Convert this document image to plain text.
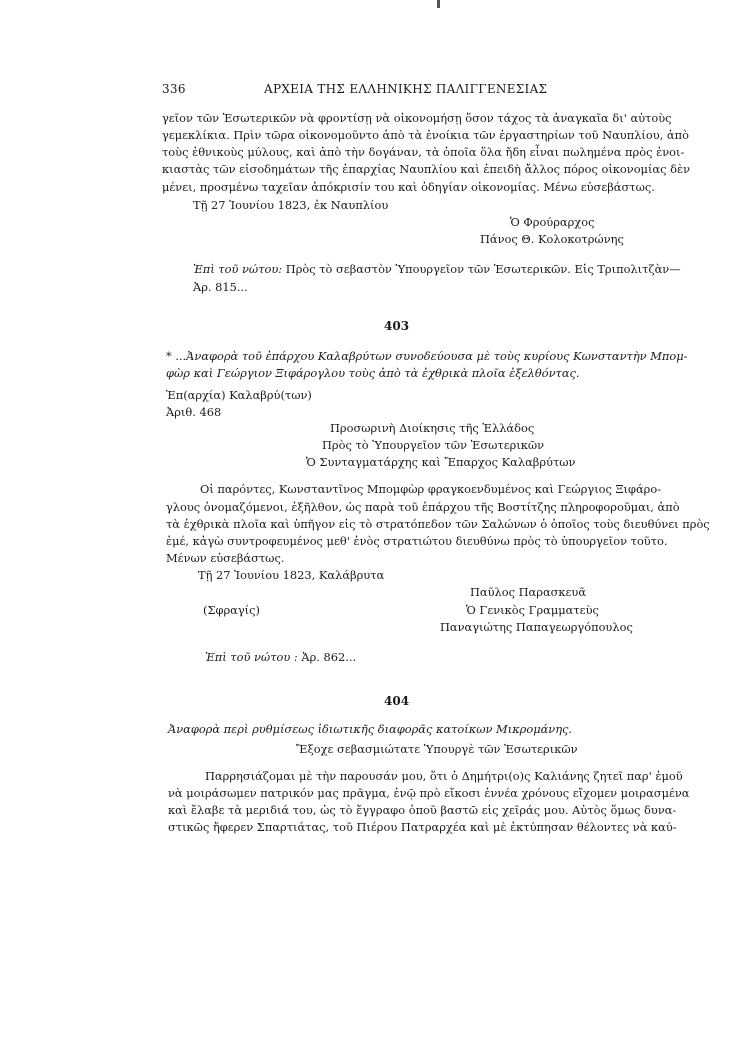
336	ΑΡΧΕΙΑ ΤΗΣ ΕΛΛΗΝΙΚΗΣ ΠΑΛΙΓΓΕΝΕΣΙΑΣ
γεῖον τῶν Ἐσωτερικῶν νὰ φροντίσῃ νὰ οἰκονομήσῃ ὅσον τάχος τὰ ἀναγκαῖα δι' αὐτοὺς
γεμεκλίκια. Πρὶν τῶρα οἰκονομοῦντο ἀπὸ τὰ ἐνοίκια τῶν ἐργαστηρίων τοῦ Ναυπλίου, ἀπὸ
τοὺς ἐθνικοὺς μύλους, καὶ ἀπὸ τὴν δογάναν, τὰ ὁποῖα ὅλα ἤδη εἶναι πωλημένα πρὸς ἐνοι-
κιαστὰς τῶν εἰσοδημάτων τῆς ἐπαρχίας Ναυπλίου καὶ ἐπειδὴ ἄλλος πόρος οἰκονομίας δὲν
μένει, προσμένω ταχεῖαν ἀπόκρισίν του καὶ ὁδηγίαν οἰκονομίας. Μένω εὐσεβάστως.
Τῇ 27 Ἰουνίου 1823, ἐκ Ναυπλίου
Ὁ Φρούραρχος
Πάνος Θ. Κολοκοτρώνης
Ἐπὶ τοῦ νώτου: Πρὸς τὸ σεβαστὸν Ὑπουργεῖον τῶν Ἐσωτερικῶν. Εἰς Τριπολιτζὰν—
Ἀρ. 815...
403
* ...Ἀναφορὰ τοῦ ἐπάρχου Καλαβρύτων συνοδεύουσα μὲ τοὺς κυρίους Κωνσταντὴν Μπομ-
φὼρ καὶ Γεώργιον Ξιφάρογλου τοὺς ἀπὸ τὰ ἐχθρικὰ πλοῖα ἐξελθόντας.
Ἐπ(αρχία) Καλαβρύ(των)
Ἀριθ. 468
Προσωρινὴ Διοίκησις τῆς Ἑλλάδος
Πρὸς τὸ Ὑπουργεῖον τῶν Ἐσωτερικῶν
Ὁ Συνταγματάρχης καὶ Ἔπαρχος Καλαβρύτων
Οἱ παρόντες, Κωνσταντῖνος Μπομφὼρ φραγκοενδυμένος καὶ Γεώργιος Ξιφάρο-
γλους ὀνομαζόμενοι, ἐξῆλθον, ὡς παρὰ τοῦ ἐπάρχου τῆς Βοστίτζης πληροφοροῦμαι, ἀπὸ
τὰ ἐχθρικὰ πλοῖα καὶ ὑπῆγον εἰς τὸ στρατόπεδον τῶν Σαλώνων ὁ ὁποῖος τοὺς διευθύνει πρὸς
ἐμέ, κἀγὼ συντροφευμένος μεθ' ἑνὸς στρατιώτου διευθύνω πρὸς τὸ ὑπουργεῖον τοῦτο.
Μένων εὐσεβάστως.
Τῇ 27 Ἰουνίου 1823, Καλάβρυτα
Παῦλος Παρασκευᾶ
(Σφραγίς)	Ὁ Γενικὸς Γραμματεὺς
Παναγιώτης Παπαγεωργόπουλος
Ἐπὶ τοῦ νώτου : Ἀρ. 862...
404
Ἀναφορὰ περὶ ρυθμίσεως ἰδιωτικῆς διαφορᾶς κατοίκων Μικρομάνης.
Ἔξοχε σεβασμιώτατε Ὑπουργὲ τῶν Ἐσωτερικῶν
Παρρησιάζομαι μὲ τὴν παρουσάν μου, ὅτι ὁ Δημήτρι(ο)ς Καλιάνης ζητεῖ παρ' ἐμοῦ
νὰ μοιράσωμεν πατρικόν μας πρᾶγμα, ἐνῷ πρὸ εἴκοσι ἐννέα χρόνους εἴχομεν μοιρασμένα
καὶ ἔλαβε τὰ μεριδιά του, ὡς τὸ ἔγγραφο ὁποῦ βαστῶ εἰς χεῖράς μου. Αὐτὸς ὅμως δυνα-
στικῶς ἤφερεν Σπαρτιάτας, τοῦ Πιέρου Πατραρχέα καὶ μὲ ἐκτύπησαν θέλοντες νὰ καύ-
